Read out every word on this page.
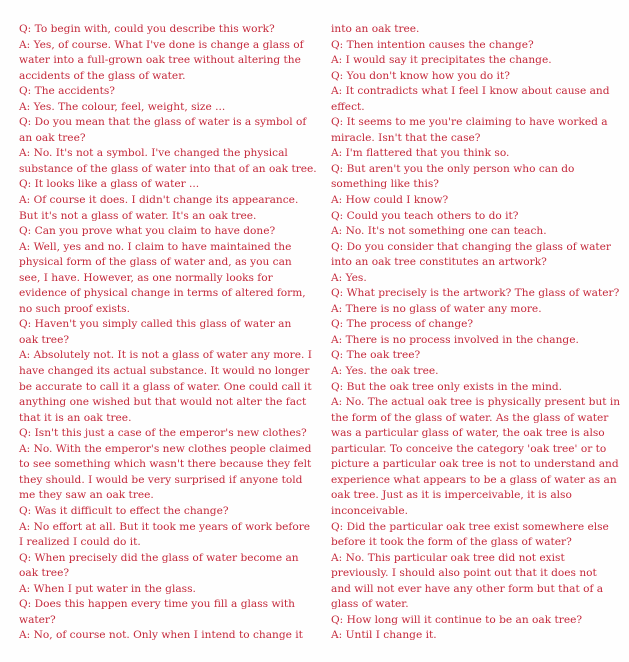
Q: To begin with, could you describe this work?
A: Yes, of course. What I've done is change a glass of
water into a full-grown oak tree without altering the
accidents of the glass of water.
Q: The accidents?
A: Yes. The colour, feel, weight, size ...
Q: Do you mean that the glass of water is a symbol of
an oak tree?
A: No. It's not a symbol. I've changed the physical
substance of the glass of water into that of an oak tree.
Q: It looks like a glass of water ...
A: Of course it does. I didn't change its appearance.
But it's not a glass of water. It's an oak tree.
Q: Can you prove what you claim to have done?
A: Well, yes and no. I claim to have maintained the
physical form of the glass of water and, as you can
see, I have. However, as one normally looks for
evidence of physical change in terms of altered form,
no such proof exists.
Q: Haven't you simply called this glass of water an
oak tree?
A: Absolutely not. It is not a glass of water any more. I
have changed its actual substance. It would no longer
be accurate to call it a glass of water. One could call it
anything one wished but that would not alter the fact
that it is an oak tree.
Q: Isn't this just a case of the emperor's new clothes?
A: No. With the emperor's new clothes people claimed
to see something which wasn't there because they felt
they should. I would be very surprised if anyone told
me they saw an oak tree.
Q: Was it difficult to effect the change?
A: No effort at all. But it took me years of work before
I realized I could do it.
Q: When precisely did the glass of water become an
oak tree?
A: When I put water in the glass.
Q: Does this happen every time you fill a glass with
water?
A: No, of course not. Only when I intend to change it
into an oak tree.
Q: Then intention causes the change?
A: I would say it precipitates the change.
Q: You don't know how you do it?
A: It contradicts what I feel I know about cause and
effect.
Q: It seems to me you're claiming to have worked a
miracle. Isn't that the case?
A: I'm flattered that you think so.
Q: But aren't you the only person who can do
something like this?
A: How could I know?
Q: Could you teach others to do it?
A: No. It's not something one can teach.
Q: Do you consider that changing the glass of water
into an oak tree constitutes an artwork?
A: Yes.
Q: What precisely is the artwork? The glass of water?
A: There is no glass of water any more.
Q: The process of change?
A: There is no process involved in the change.
Q: The oak tree?
A: Yes. the oak tree.
Q: But the oak tree only exists in the mind.
A: No. The actual oak tree is physically present but in
the form of the glass of water. As the glass of water
was a particular glass of water, the oak tree is also
particular. To conceive the category 'oak tree' or to
picture a particular oak tree is not to understand and
experience what appears to be a glass of water as an
oak tree. Just as it is imperceivable, it is also
inconceivable.
Q: Did the particular oak tree exist somewhere else
before it took the form of the glass of water?
A: No. This particular oak tree did not exist
previously. I should also point out that it does not
and will not ever have any other form but that of a
glass of water.
Q: How long will it continue to be an oak tree?
A: Until I change it.
